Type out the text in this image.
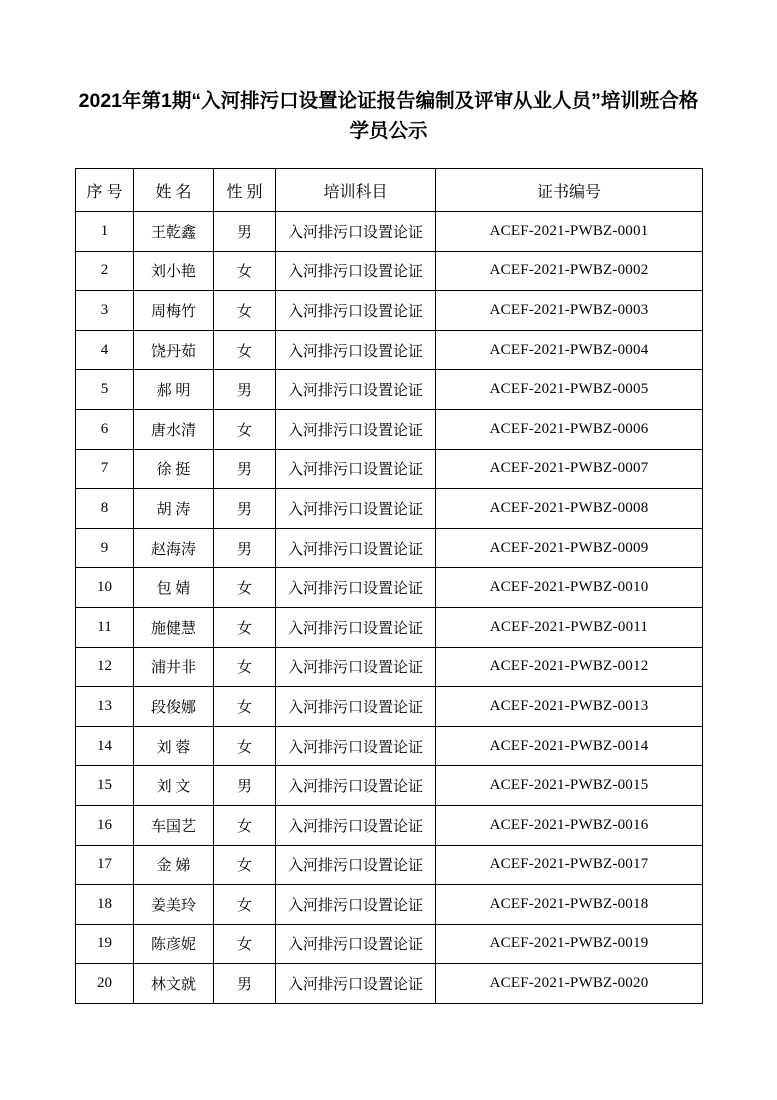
2021年第1期“入河排污口设置论证报告编制及评审从业人员”培训班合格学员公示
序 号	姓 名	性 别	培训科目	证书编号
1	王乾鑫	男	入河排污口设置论证	ACEF-2021-PWBZ-0001
2	刘小艳	女	入河排污口设置论证	ACEF-2021-PWBZ-0002
3	周梅竹	女	入河排污口设置论证	ACEF-2021-PWBZ-0003
4	饶丹茹	女	入河排污口设置论证	ACEF-2021-PWBZ-0004
5	郝 明	男	入河排污口设置论证	ACEF-2021-PWBZ-0005
6	唐水清	女	入河排污口设置论证	ACEF-2021-PWBZ-0006
7	徐 挺	男	入河排污口设置论证	ACEF-2021-PWBZ-0007
8	胡 涛	男	入河排污口设置论证	ACEF-2021-PWBZ-0008
9	赵海涛	男	入河排污口设置论证	ACEF-2021-PWBZ-0009
10	包 婧	女	入河排污口设置论证	ACEF-2021-PWBZ-0010
11	施健慧	女	入河排污口设置论证	ACEF-2021-PWBZ-0011
12	浦井非	女	入河排污口设置论证	ACEF-2021-PWBZ-0012
13	段俊娜	女	入河排污口设置论证	ACEF-2021-PWBZ-0013
14	刘 蓉	女	入河排污口设置论证	ACEF-2021-PWBZ-0014
15	刘 文	男	入河排污口设置论证	ACEF-2021-PWBZ-0015
16	车国艺	女	入河排污口设置论证	ACEF-2021-PWBZ-0016
17	金 娣	女	入河排污口设置论证	ACEF-2021-PWBZ-0017
18	姜美玲	女	入河排污口设置论证	ACEF-2021-PWBZ-0018
19	陈彦妮	女	入河排污口设置论证	ACEF-2021-PWBZ-0019
20	林文就	男	入河排污口设置论证	ACEF-2021-PWBZ-0020
